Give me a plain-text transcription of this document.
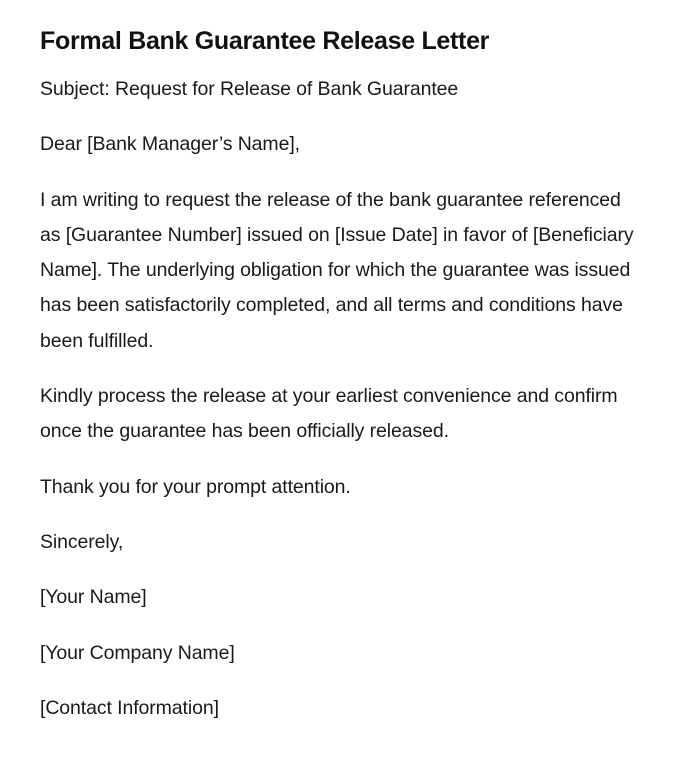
Formal Bank Guarantee Release Letter

Subject: Request for Release of Bank Guarantee

Dear [Bank Manager’s Name],

I am writing to request the release of the bank guarantee referenced as [Guarantee Number] issued on [Issue Date] in favor of [Beneficiary Name]. The underlying obligation for which the guarantee was issued has been satisfactorily completed, and all terms and conditions have been fulfilled.

Kindly process the release at your earliest convenience and confirm once the guarantee has been officially released.

Thank you for your prompt attention.

Sincerely,

[Your Name]

[Your Company Name]

[Contact Information]
